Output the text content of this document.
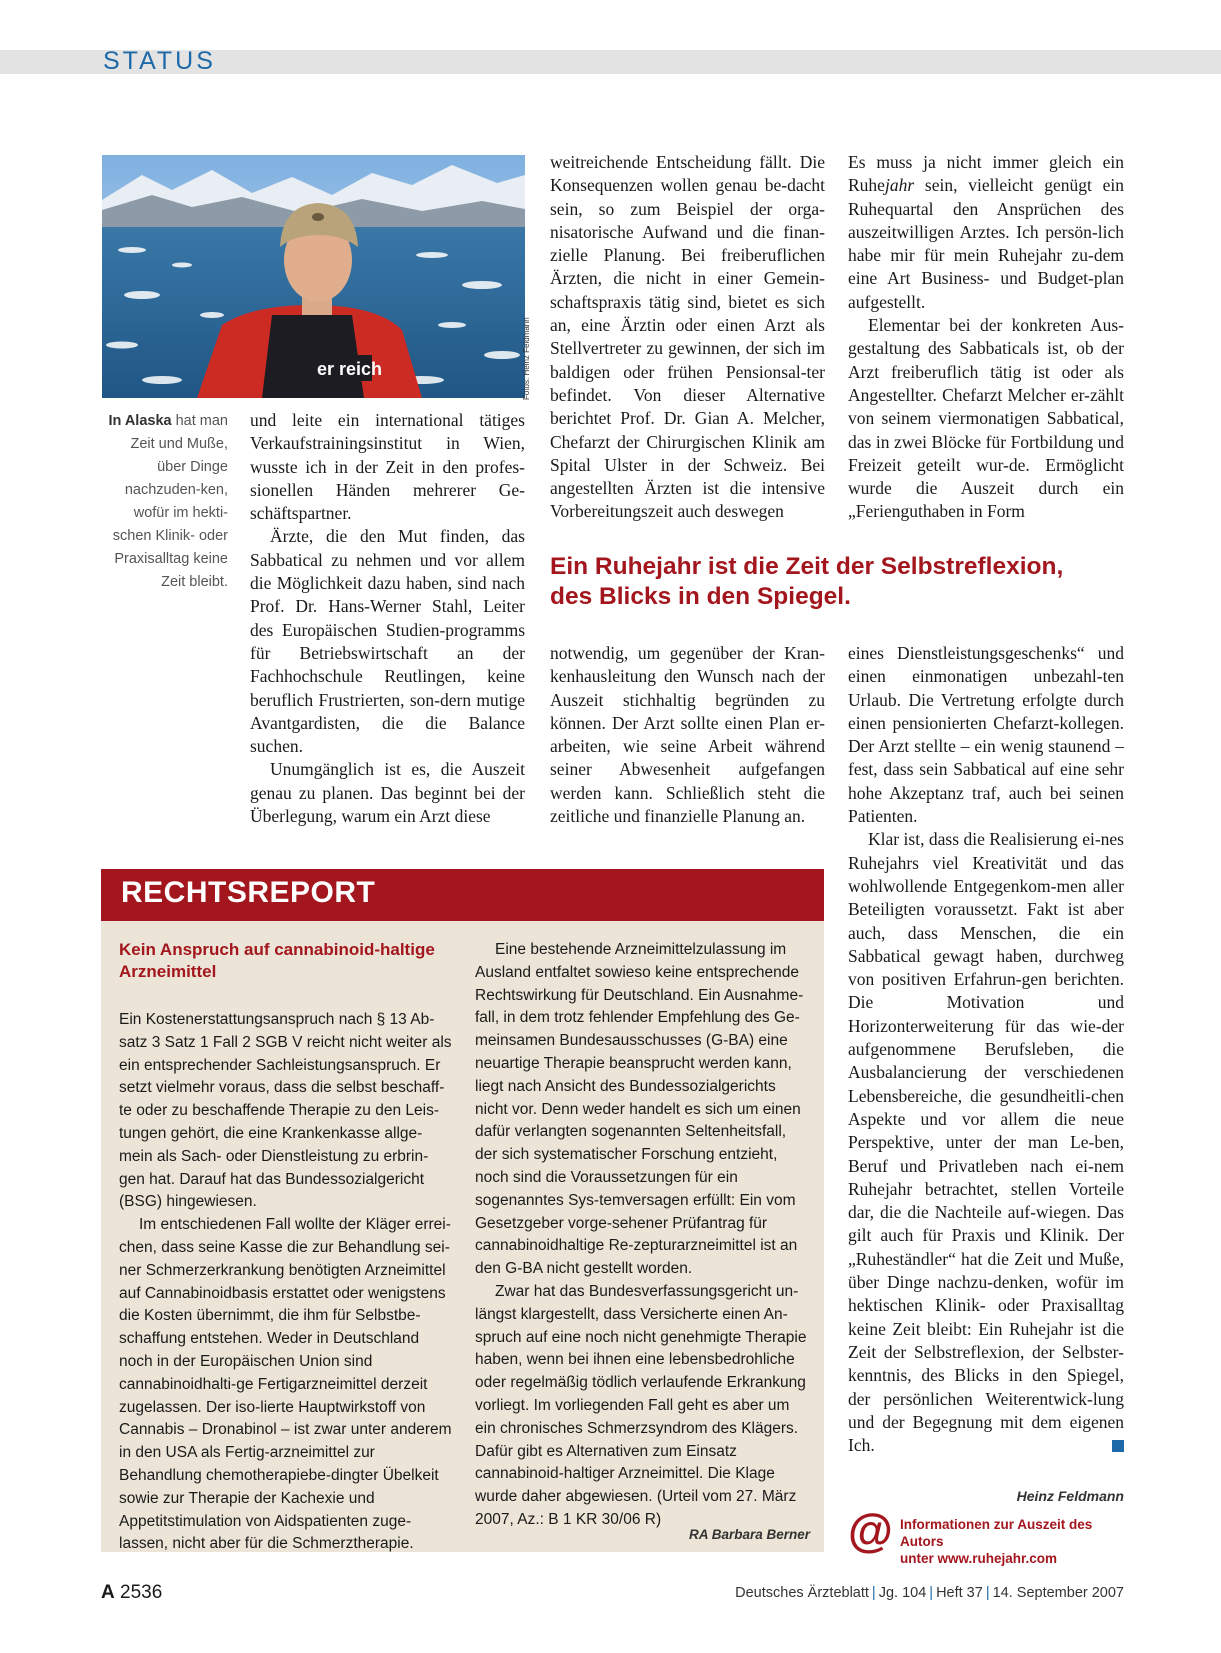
STATUS
er reich	Fotos: Heinz Feldmann
In Alaska hat man Zeit und Muße, über Dinge nachzuden-ken, wofür im hekti-schen Klinik- oder Praxisalltag keine Zeit bleibt.

und leite ein international tätiges Verkaufstrainingsinstitut in Wien, wusste ich in der Zeit in den profes-sionellen Händen mehrerer Ge-schäftspartner.

Ärzte, die den Mut finden, das Sabbatical zu nehmen und vor allem die Möglichkeit dazu haben, sind nach Prof. Dr. Hans-Werner Stahl, Leiter des Europäischen Studien-programms für Betriebswirtschaft an der Fachhochschule Reutlingen, keine beruflich Frustrierten, son-dern mutige Avantgardisten, die die Balance suchen.

Unumgänglich ist es, die Auszeit genau zu planen. Das beginnt bei der Überlegung, warum ein Arzt diese

weitreichende Entscheidung fällt. Die Konsequenzen wollen genau be-dacht sein, so zum Beispiel der orga-nisatorische Aufwand und die finan-zielle Planung. Bei freiberuflichen Ärzten, die nicht in einer Gemein-schaftspraxis tätig sind, bietet es sich an, eine Ärztin oder einen Arzt als Stellvertreter zu gewinnen, der sich im baldigen oder frühen Pensionsal-ter befindet. Von dieser Alternative berichtet Prof. Dr. Gian A. Melcher, Chefarzt der Chirurgischen Klinik am Spital Ulster in der Schweiz. Bei angestellten Ärzten ist die intensive Vorbereitungszeit auch deswegen

Es muss ja nicht immer gleich ein Ruhejahr sein, vielleicht genügt ein Ruhequartal den Ansprüchen des auszeitwilligen Arztes. Ich persön-lich habe mir für mein Ruhejahr zu-dem eine Art Business- und Budget-plan aufgestellt.

Elementar bei der konkreten Aus-gestaltung des Sabbaticals ist, ob der Arzt freiberuflich tätig ist oder als Angestellter. Chefarzt Melcher er-zählt von seinem viermonatigen Sabbatical, das in zwei Blöcke für Fortbildung und Freizeit geteilt wur-de. Ermöglicht wurde die Auszeit durch ein „Ferienguthaben in Form

Ein Ruhejahr ist die Zeit der Selbstreflexion, des Blicks in den Spiegel.

notwendig, um gegenüber der Kran-kenhausleitung den Wunsch nach der Auszeit stichhaltig begründen zu können. Der Arzt sollte einen Plan er-arbeiten, wie seine Arbeit während seiner Abwesenheit aufgefangen werden kann. Schließlich steht die zeitliche und finanzielle Planung an.

eines Dienstleistungsgeschenks“ und einen einmonatigen unbezahl-ten Urlaub. Die Vertretung erfolgte durch einen pensionierten Chefarzt-kollegen. Der Arzt stellte – ein wenig staunend – fest, dass sein Sabbatical auf eine sehr hohe Akzeptanz traf, auch bei seinen Patienten.

Klar ist, dass die Realisierung ei-nes Ruhejahrs viel Kreativität und das wohlwollende Entgegenkom-men aller Beteiligten voraussetzt. Fakt ist aber auch, dass Menschen, die ein Sabbatical gewagt haben, durchweg von positiven Erfahrun-gen berichten. Die Motivation und Horizonterweiterung für das wie-der aufgenommene Berufsleben, die Ausbalancierung der verschiedenen Lebensbereiche, die gesundheitli-chen Aspekte und vor allem die neue Perspektive, unter der man Le-ben, Beruf und Privatleben nach ei-nem Ruhejahr betrachtet, stellen Vorteile dar, die die Nachteile auf-wiegen. Das gilt auch für Praxis und Klinik. Der „Ruheständler“ hat die Zeit und Muße, über Dinge nachzu-denken, wofür im hektischen Klinik- oder Praxisalltag keine Zeit bleibt: Ein Ruhejahr ist die Zeit der Selbstreflexion, der Selbster-kenntnis, des Blicks in den Spiegel, der persönlichen Weiterentwick-lung und der Begegnung mit dem eigenen Ich.

Heinz Feldmann
@ Informationen zur Auszeit des Autors
unter www.ruhejahr.com
RECHTSREPORT
Kein Anspruch auf cannabinoid-haltige Arzneimittel

Ein Kostenerstattungsanspruch nach § 13 Ab-satz 3 Satz 1 Fall 2 SGB V reicht nicht weiter als ein entsprechender Sachleistungsanspruch. Er setzt vielmehr voraus, dass die selbst beschaff-te oder zu beschaffende Therapie zu den Leis-tungen gehört, die eine Krankenkasse allge-mein als Sach- oder Dienstleistung zu erbrin-gen hat. Darauf hat das Bundessozialgericht (BSG) hingewiesen.

Im entschiedenen Fall wollte der Kläger errei-chen, dass seine Kasse die zur Behandlung sei-ner Schmerzerkrankung benötigten Arzneimittel auf Cannabinoidbasis erstattet oder wenigstens die Kosten übernimmt, die ihm für Selbstbe-schaffung entstehen. Weder in Deutschland noch in der Europäischen Union sind cannabinoidhalti-ge Fertigarzneimittel derzeit zugelassen. Der iso-lierte Hauptwirkstoff von Cannabis – Dronabinol – ist zwar unter anderem in den USA als Fertig-arzneimittel zur Behandlung chemotherapiebe-dingter Übelkeit sowie zur Therapie der Kachexie und Appetitstimulation von Aidspatienten zuge-lassen, nicht aber für die Schmerztherapie.

Eine bestehende Arzneimittelzulassung im Ausland entfaltet sowieso keine entsprechende Rechtswirkung für Deutschland. Ein Ausnahme-fall, in dem trotz fehlender Empfehlung des Ge-meinsamen Bundesausschusses (G-BA) eine neuartige Therapie beansprucht werden kann, liegt nach Ansicht des Bundessozialgerichts nicht vor. Denn weder handelt es sich um einen dafür verlangten sogenannten Seltenheitsfall, der sich systematischer Forschung entzieht, noch sind die Voraussetzungen für ein sogenanntes Sys-temversagen erfüllt: Ein vom Gesetzgeber vorge-sehener Prüfantrag für cannabinoidhaltige Re-zepturarzneimittel ist an den G-BA nicht gestellt worden.

Zwar hat das Bundesverfassungsgericht un-längst klargestellt, dass Versicherte einen An-spruch auf eine noch nicht genehmigte Therapie haben, wenn bei ihnen eine lebensbedrohliche oder regelmäßig tödlich verlaufende Erkrankung vorliegt. Im vorliegenden Fall geht es aber um ein chronisches Schmerzsyndrom des Klägers. Dafür gibt es Alternativen zum Einsatz cannabinoid-haltiger Arzneimittel. Die Klage wurde daher abgewiesen. (Urteil vom 27. März 2007, Az.: B 1 KR 30/06 R)

RA Barbara Berner
A 2536	Deutsches Ärzteblatt | Jg. 104 | Heft 37 | 14. September 2007
